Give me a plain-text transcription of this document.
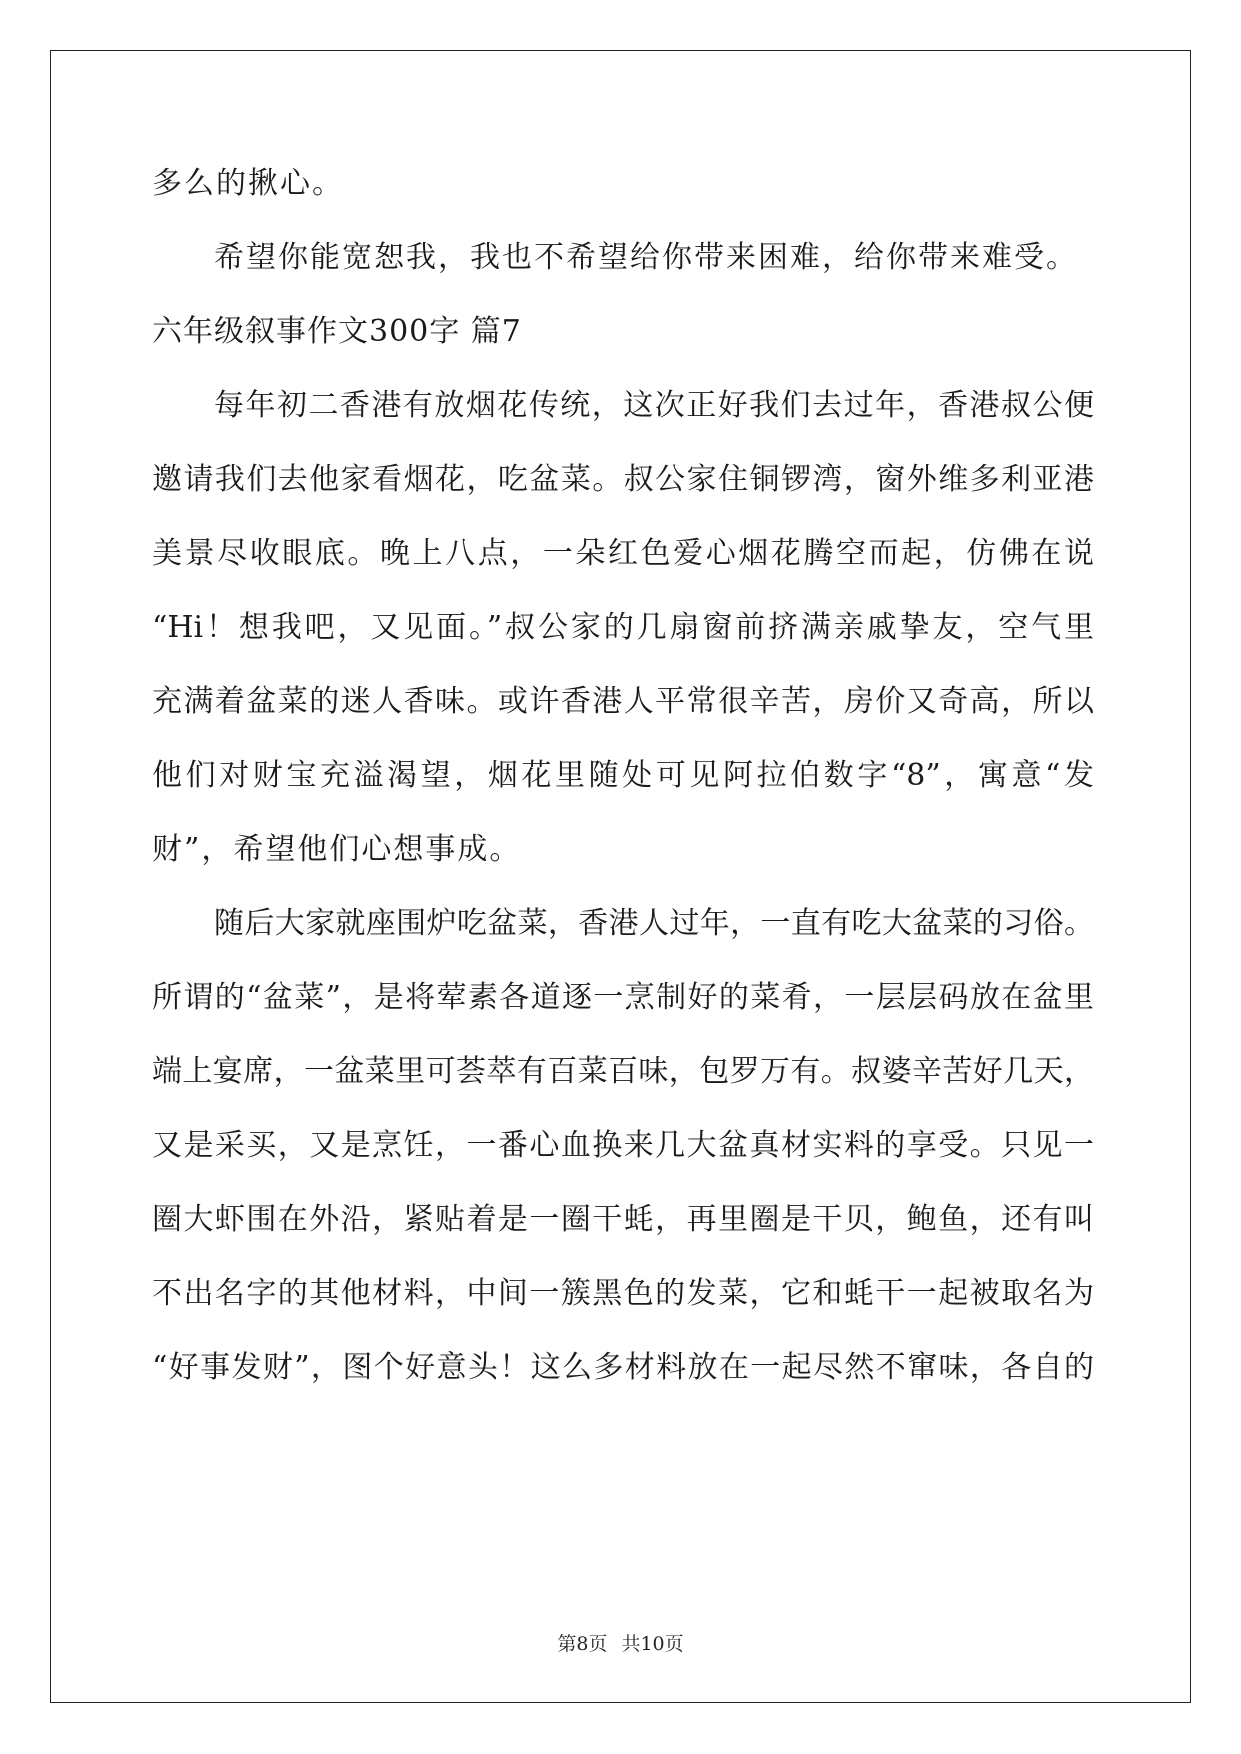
多么的揪心。
希望你能宽恕我，我也不希望给你带来困难，给你带来难受。
六年级叙事作文300字 篇7
每年初二香港有放烟花传统，这次正好我们去过年，香港叔公便
邀请我们去他家看烟花，吃盆菜。叔公家住铜锣湾，窗外维多利亚港
美景尽收眼底。晚上八点，一朵红色爱心烟花腾空而起，仿佛在说
“Hi！想我吧，又见面。”叔公家的几扇窗前挤满亲戚挚友，空气里
充满着盆菜的迷人香味。或许香港人平常很辛苦，房价又奇高，所以
他们对财宝充溢渴望，烟花里随处可见阿拉伯数字“8”，寓意“发
财”，希望他们心想事成。
随后大家就座围炉吃盆菜，香港人过年，一直有吃大盆菜的习俗。
所谓的“盆菜”，是将荤素各道逐一烹制好的菜肴，一层层码放在盆里
端上宴席，一盆菜里可荟萃有百菜百味，包罗万有。叔婆辛苦好几天，
又是采买，又是烹饪，一番心血换来几大盆真材实料的享受。只见一
圈大虾围在外沿，紧贴着是一圈干蚝，再里圈是干贝，鲍鱼，还有叫
不出名字的其他材料，中间一簇黑色的发菜，它和蚝干一起被取名为
“好事发财”，图个好意头！这么多材料放在一起尽然不窜味，各自的
第8页 共10页
